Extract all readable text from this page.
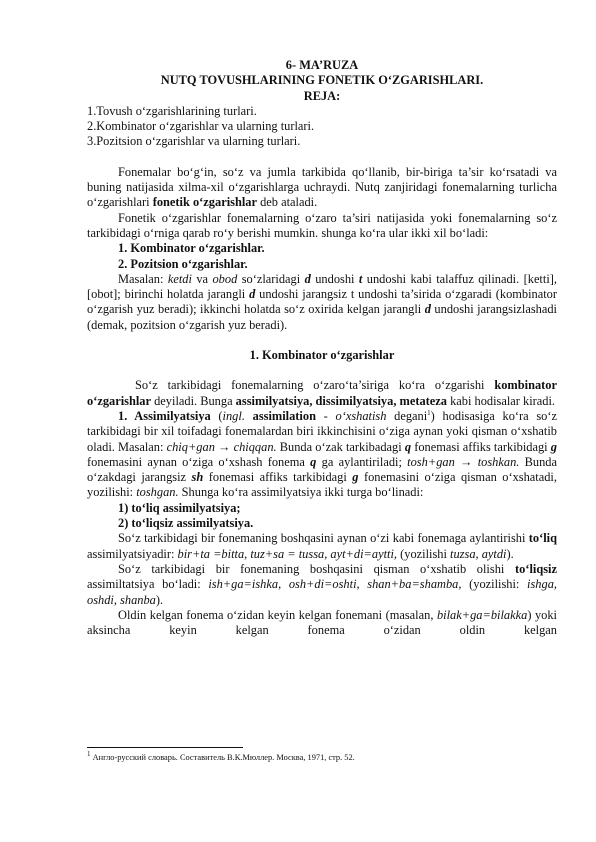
6- MA’RUZA
NUTQ TOVUSHLARINING FONETIK O‘ZGARISHLARI.
REJA:

1.Tovush o‘zgarishlarining turlari.

2.Kombinator o‘zgarishlar va ularning turlari.

3.Pozitsion o‘zgarishlar va ularning turlari.

Fonemalar bo‘g‘in, so‘z va jumla tarkibida qo‘llanib, bir-biriga ta’sir ko‘rsatadi va buning natijasida xilma-xil o‘zgarishlarga uchraydi. Nutq zanjiridagi fonemalarning turlicha o‘zgarishlari fonetik o‘zgarishlar deb ataladi.

Fonetik o‘zgarishlar fonemalarning o‘zaro ta’siri natijasida yoki fonemalarning so‘z tarkibidagi o‘rniga qarab ro‘y berishi mumkin. shunga ko‘ra ular ikki xil bo‘ladi:

1. Kombinator o‘zgarishlar.

2. Pozitsion o‘zgarishlar.

Masalan: ketdi va obod so‘zlaridagi d undoshi t undoshi kabi talaffuz qilinadi. [ketti], [obot]; birinchi holatda jarangli d undoshi jarangsiz t undoshi ta’sirida o‘zgaradi (kombinator o‘zgarish yuz beradi); ikkinchi holatda so‘z oxirida kelgan jarangli d undoshi jarangsizlashadi (demak, pozitsion o‘zgarish yuz beradi).

1. Kombinator o‘zgarishlar

So‘z tarkibidagi fonemalarning o‘zaro‘ta’siriga ko‘ra o‘zgarishi kombinator o‘zgarishlar deyiladi. Bunga assimilyatsiya, dissimilyatsiya, metateza kabi hodisalar kiradi.

1. Assimilyatsiya (ingl. assimilation - o‘xshatish degani$^1$) hodisasiga ko‘ra so‘z tarkibidagi bir xil toifadagi fonemalardan biri ikkinchisini o‘ziga aynan yoki qisman o‘xshatib oladi. Masalan: chiq+gan → chiqqan. Bunda o‘zak tarkibadagi q fonemasi affiks tarkibidagi g fonemasini aynan o‘ziga o‘xshash fonema q ga aylantiriladi; tosh+gan → toshkan. Bunda o‘zakdagi jarangsiz sh fonemasi affiks tarkibidagi g fonemasini o‘ziga qisman o‘xshatadi, yozilishi: toshgan. Shunga ko‘ra assimilyatsiya ikki turga bo‘linadi:

1) to‘liq assimilyatsiya;

2) to‘liqsiz assimilyatsiya.

So‘z tarkibidagi bir fonemaning boshqasini aynan o‘zi kabi fonemaga aylantirishi to‘liq assimilyatsiyadir: bir+ta =bitta, tuz+sa = tussa, ayt+di=aytti, (yozilishi tuzsa, aytdi).

So‘z tarkibidagi bir fonemaning boshqasini qisman o‘xshatib olishi to‘liqsiz assimiltatsiya bo‘ladi: ish+ga=ishka, osh+di=oshti, shan+ba=shamba, (yozilishi: ishga, oshdi, shanba).

Oldin kelgan fonema o‘zidan keyin kelgan fonemani (masalan, bilak+ga=bilakka) yoki aksincha keyin kelgan fonema o‘zidan oldin kelgan

$^1$ Англо-русский словарь. Составитель В.К.Мюллер. Москва, 1971, стр. 52.
